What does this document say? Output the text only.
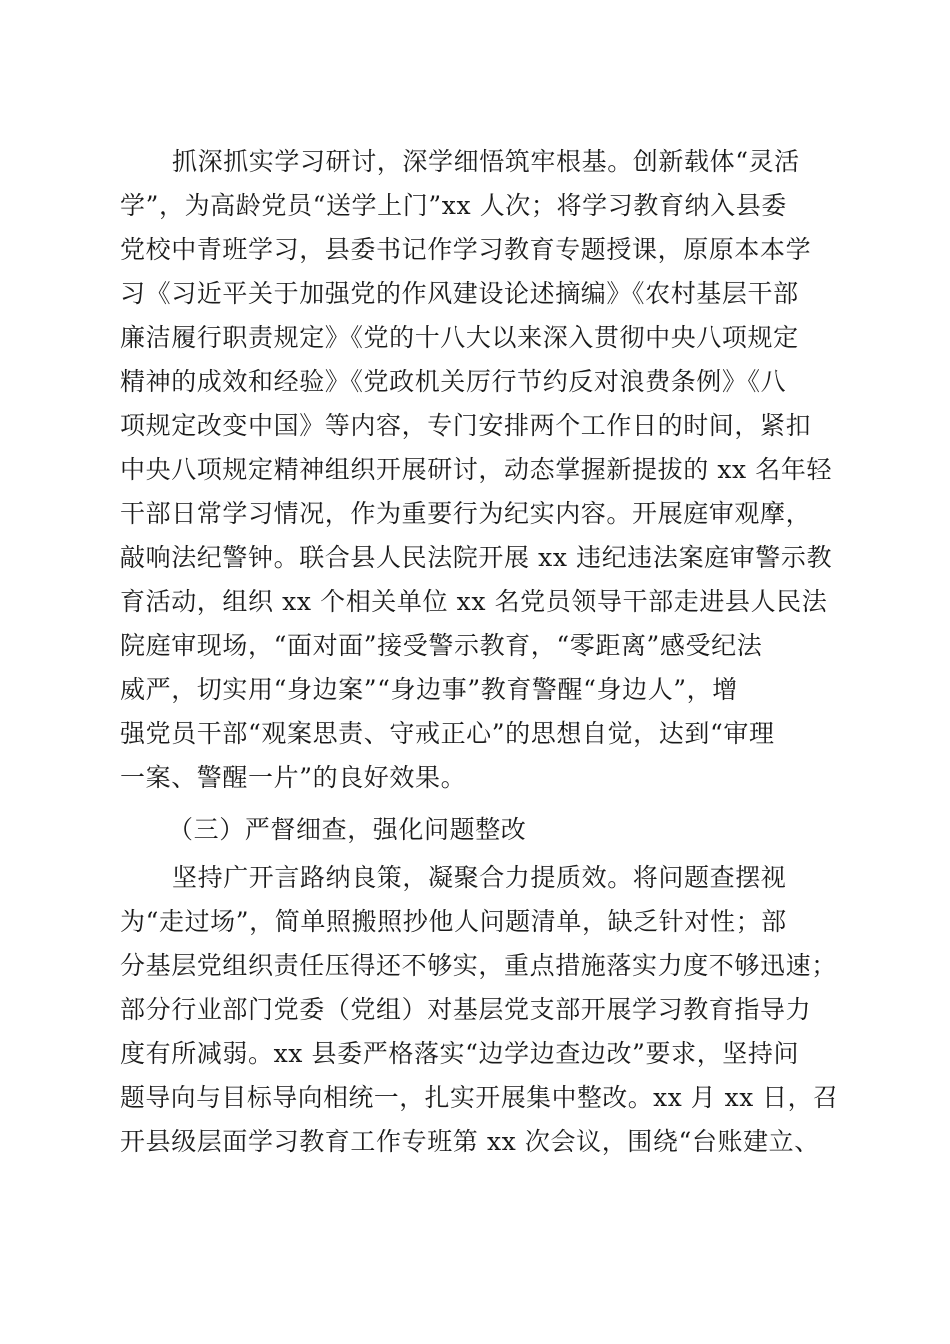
抓深抓实学习研讨，深学细悟筑牢根基。创新载体“灵活
学”，为高龄党员“送学上门”xx 人次；将学习教育纳入县委
党校中青班学习，县委书记作学习教育专题授课，原原本本学
习《习近平关于加强党的作风建设论述摘编》《农村基层干部
廉洁履行职责规定》《党的十八大以来深入贯彻中央八项规定
精神的成效和经验》《党政机关厉行节约反对浪费条例》《八
项规定改变中国》等内容，专门安排两个工作日的时间，紧扣
中央八项规定精神组织开展研讨，动态掌握新提拔的 xx 名年轻
干部日常学习情况，作为重要行为纪实内容。开展庭审观摩，
敲响法纪警钟。联合县人民法院开展 xx 违纪违法案庭审警示教
育活动，组织 xx 个相关单位 xx 名党员领导干部走进县人民法
院庭审现场，“面对面”接受警示教育，“零距离”感受纪法
威严，切实用“身边案”“身边事”教育警醒“身边人”，增
强党员干部“观案思责、守戒正心”的思想自觉，达到“审理
一案、警醒一片”的良好效果。
（三）严督细查，强化问题整改
坚持广开言路纳良策，凝聚合力提质效。将问题查摆视
为“走过场”，简单照搬照抄他人问题清单，缺乏针对性；部
分基层党组织责任压得还不够实，重点措施落实力度不够迅速；
部分行业部门党委（党组）对基层党支部开展学习教育指导力
度有所减弱。xx 县委严格落实“边学边查边改”要求，坚持问
题导向与目标导向相统一，扎实开展集中整改。xx 月 xx 日，召
开县级层面学习教育工作专班第 xx 次会议，围绕“台账建立、
